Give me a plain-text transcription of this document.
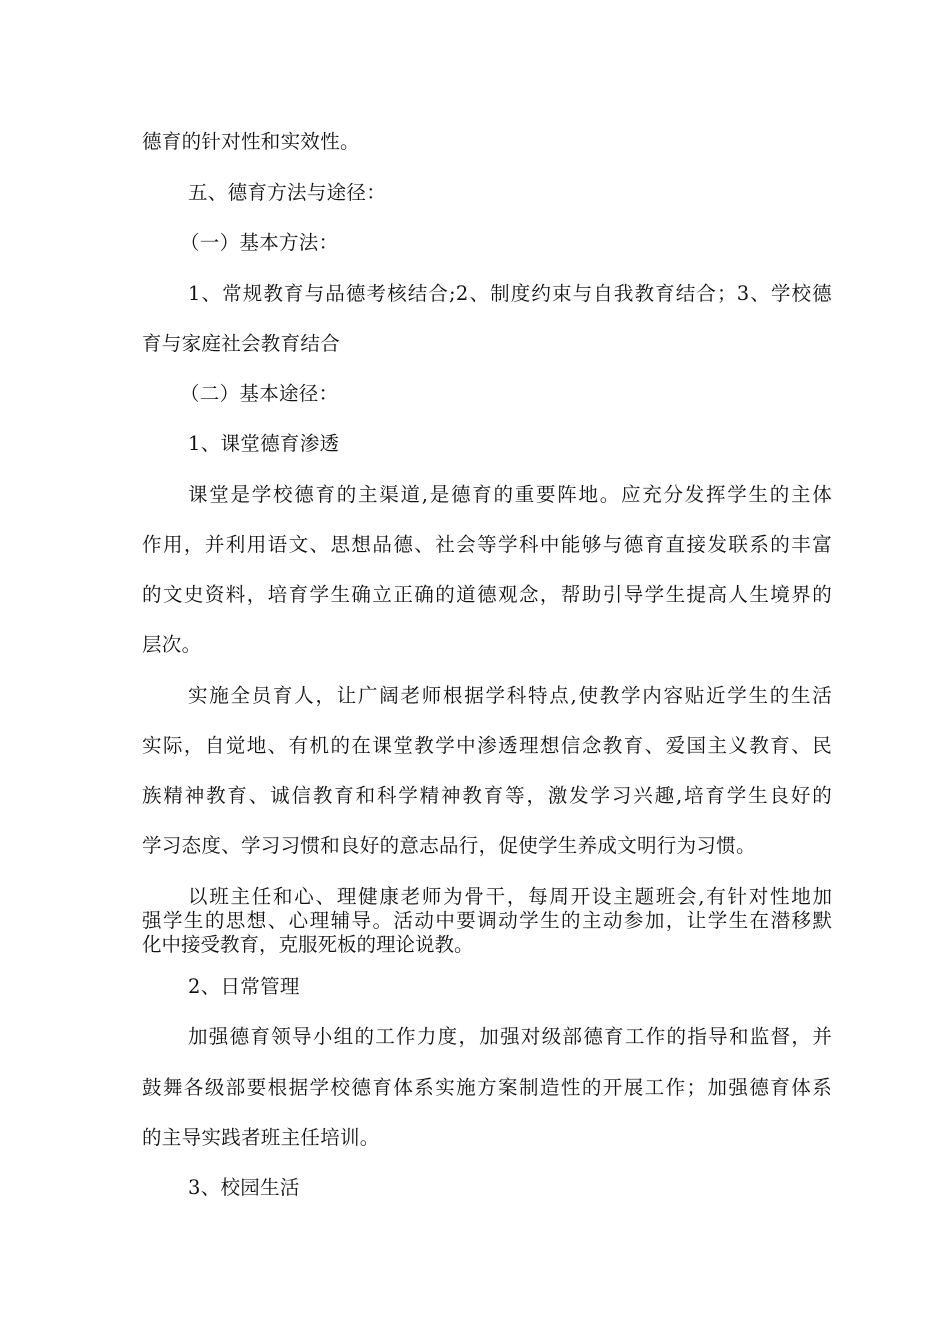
德育的针对性和实效性。
五、德育方法与途径：
（一）基本方法：
1、常规教育与品德考核结合;2、制度约束与自我教育结合；3、学校德
育与家庭社会教育结合
（二）基本途径：
1、课堂德育渗透
课堂是学校德育的主渠道,是德育的重要阵地。应充分发挥学生的主体
作用，并利用语文、思想品德、社会等学科中能够与德育直接发联系的丰富
的文史资料，培育学生确立正确的道德观念，帮助引导学生提高人生境界的
层次。
实施全员育人，让广阔老师根据学科特点,使教学内容贴近学生的生活
实际，自觉地、有机的在课堂教学中渗透理想信念教育、爱国主义教育、民
族精神教育、诚信教育和科学精神教育等，激发学习兴趣,培育学生良好的
学习态度、学习习惯和良好的意志品行，促使学生养成文明行为习惯。
以班主任和心、理健康老师为骨干，每周开设主题班会,有针对性地加
强学生的思想、心理辅导。活动中要调动学生的主动参加，让学生在潜移默
化中接受教育，克服死板的理论说教。
2、日常管理
加强德育领导小组的工作力度，加强对级部德育工作的指导和监督，并
鼓舞各级部要根据学校德育体系实施方案制造性的开展工作；加强德育体系
的主导实践者班主任培训。
3、校园生活
